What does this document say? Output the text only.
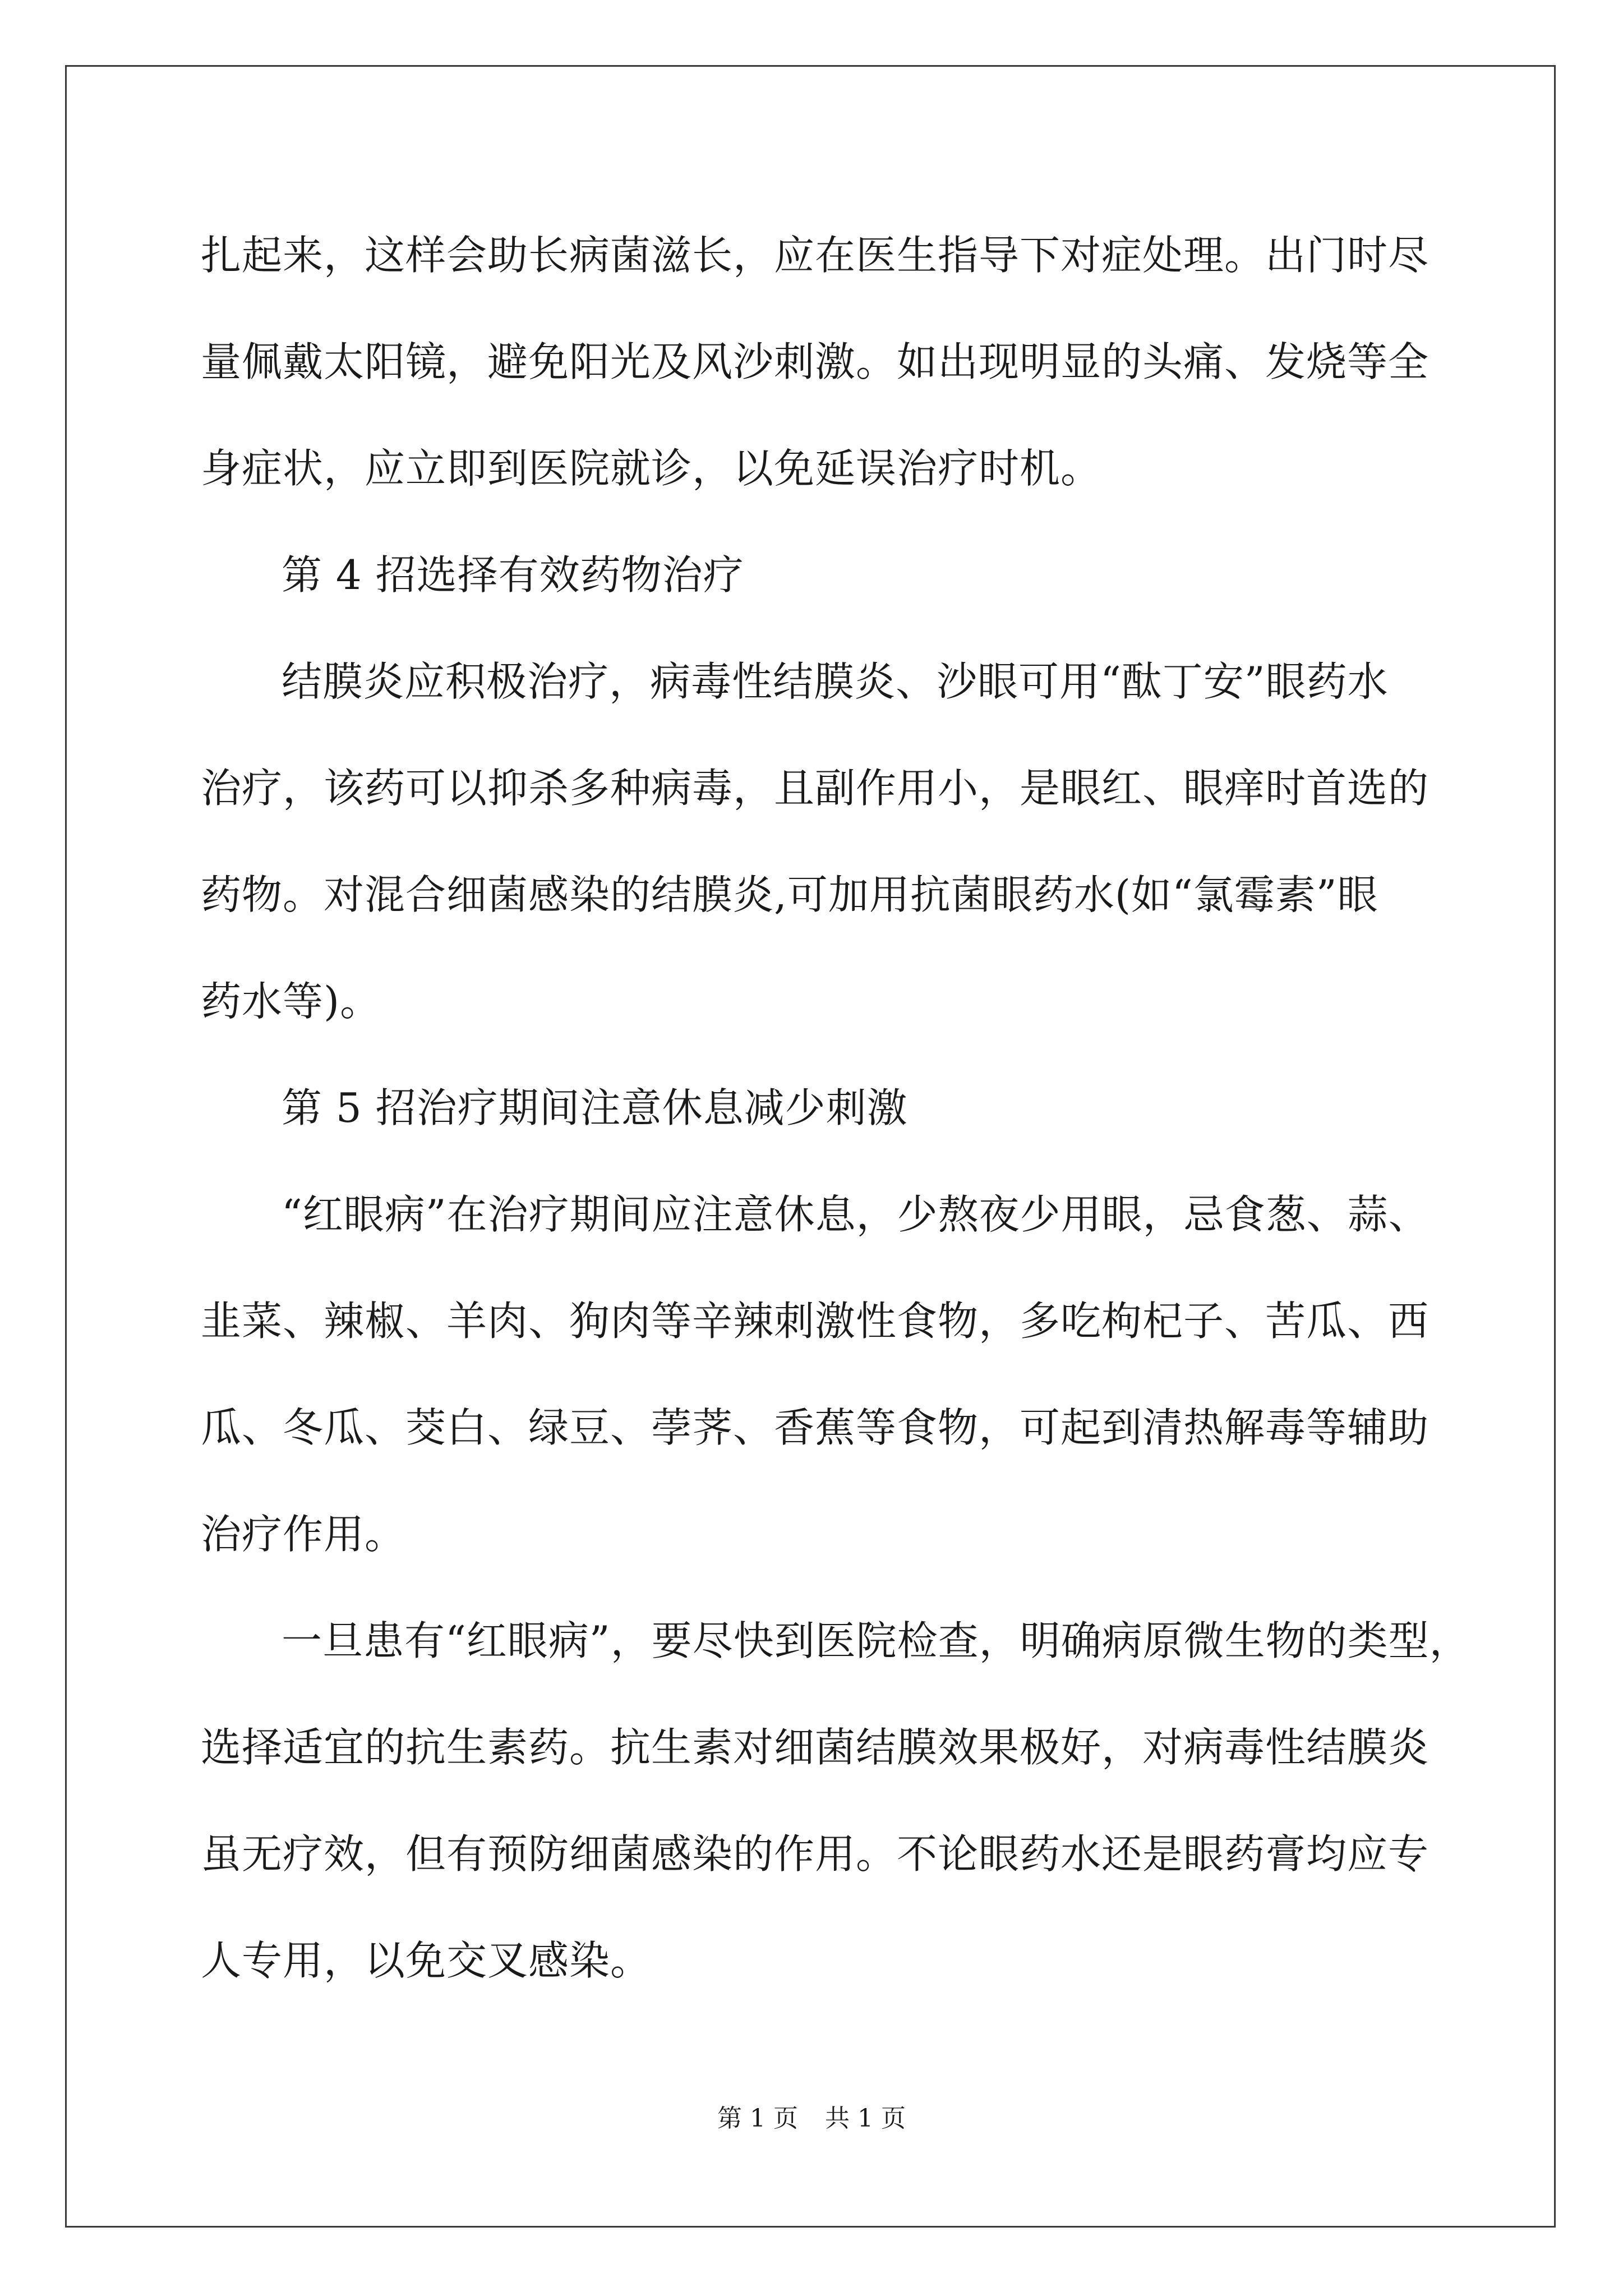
扎起来，这样会助长病菌滋长，应在医生指导下对症处理。出门时尽
量佩戴太阳镜，避免阳光及风沙刺激。如出现明显的头痛、发烧等全
身症状，应立即到医院就诊，以免延误治疗时机。
第 4 招选择有效药物治疗
结膜炎应积极治疗，病毒性结膜炎、沙眼可用“酞丁安”眼药水
治疗，该药可以抑杀多种病毒，且副作用小，是眼红、眼痒时首选的
药物。对混合细菌感染的结膜炎,可加用抗菌眼药水(如“氯霉素”眼
药水等)。
第 5 招治疗期间注意休息减少刺激
“红眼病”在治疗期间应注意休息，少熬夜少用眼，忌食葱、蒜、
韭菜、辣椒、羊肉、狗肉等辛辣刺激性食物，多吃枸杞子、苦瓜、西
瓜、冬瓜、茭白、绿豆、荸荠、香蕉等食物，可起到清热解毒等辅助
治疗作用。
一旦患有“红眼病”，要尽快到医院检查，明确病原微生物的类型，
选择适宜的抗生素药。抗生素对细菌结膜效果极好，对病毒性结膜炎
虽无疗效，但有预防细菌感染的作用。不论眼药水还是眼药膏均应专
人专用，以免交叉感染。
第 1 页 共 1 页
